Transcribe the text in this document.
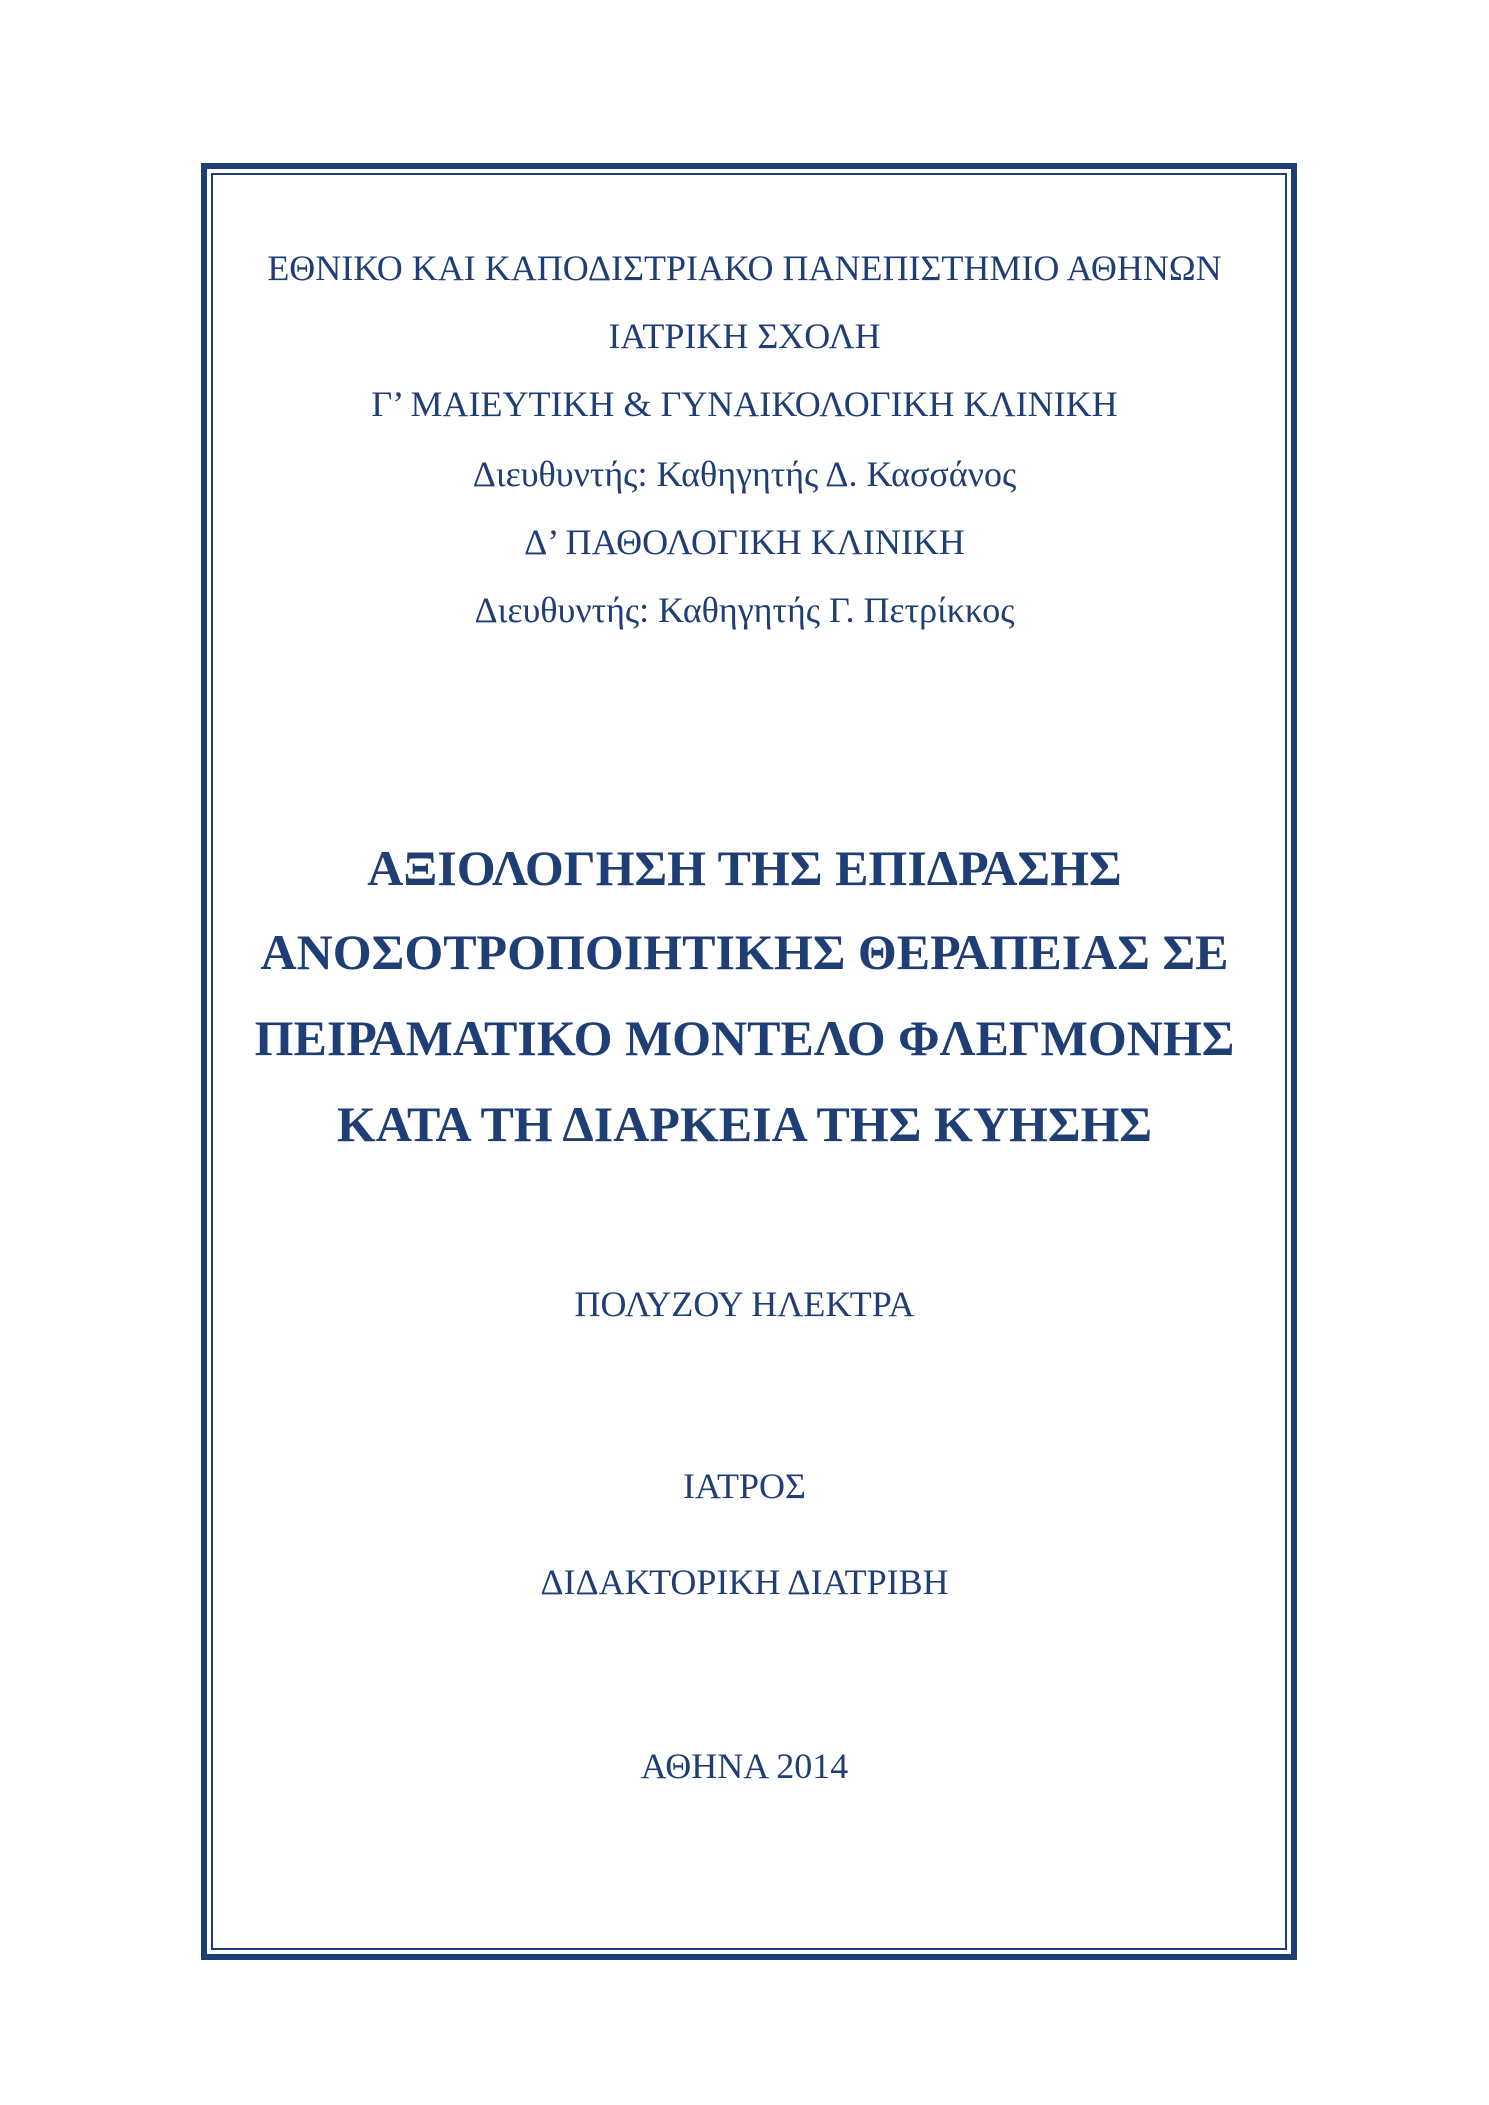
ΕΘΝΙΚΟ ΚΑΙ ΚΑΠΟΔΙΣΤΡΙΑΚΟ ΠΑΝΕΠΙΣΤΗΜΙΟ ΑΘΗΝΩΝ

ΙΑΤΡΙΚΗ ΣΧΟΛΗ

Γ’ ΜΑΙΕΥΤΙΚΗ & ΓΥΝΑΙΚΟΛΟΓΙΚΗ ΚΛΙΝΙΚΗ

Διευθυντής: Καθηγητής Δ. Κασσάνος

Δ’ ΠΑΘΟΛΟΓΙΚΗ ΚΛΙΝΙΚΗ

Διευθυντής: Καθηγητής Γ. Πετρίκκος

ΑΞΙΟΛΟΓΗΣΗ ΤΗΣ ΕΠΙΔΡΑΣΗΣ

ΑΝΟΣΟΤΡΟΠΟΙΗΤΙΚΗΣ ΘΕΡΑΠΕΙΑΣ ΣΕ

ΠΕΙΡΑΜΑΤΙΚΟ ΜΟΝΤΕΛΟ ΦΛΕΓΜΟΝΗΣ

ΚΑΤΑ ΤΗ ΔΙΑΡΚΕΙΑ ΤΗΣ ΚΥΗΣΗΣ

ΠΟΛΥΖΟΥ ΗΛΕΚΤΡΑ

ΙΑΤΡΟΣ

ΔΙΔΑΚΤΟΡΙΚΗ ΔΙΑΤΡΙΒΗ

ΑΘΗΝΑ 2014
